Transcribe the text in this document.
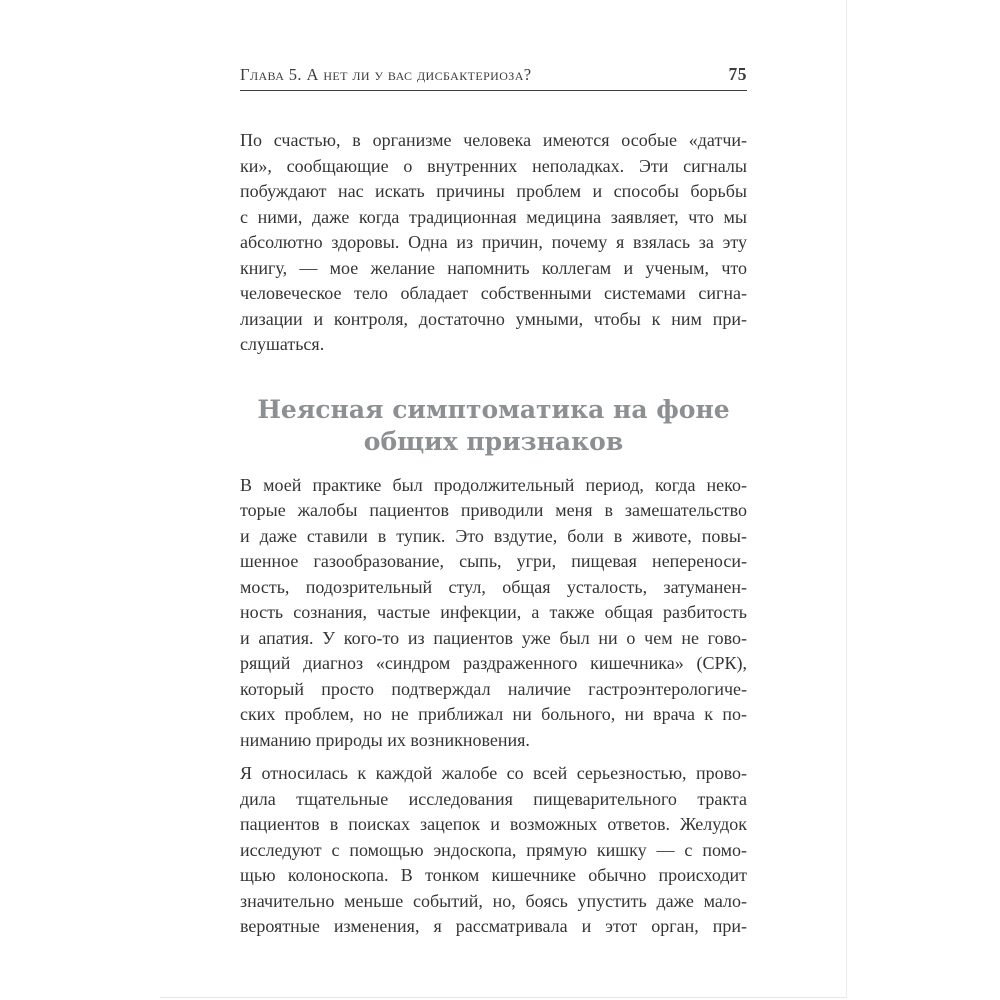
Глава 5. А нет ли у вас дисбактериоза?	75
По счастью, в организме человека имеются особые «датчи-
ки», сообщающие о внутренних неполадках. Эти сигналы
побуждают нас искать причины проблем и способы борьбы
с ними, даже когда традиционная медицина заявляет, что мы
абсолютно здоровы. Одна из причин, почему я взялась за эту
книгу, — мое желание напомнить коллегам и ученым, что
человеческое тело обладает собственными системами сигна-
лизации и контроля, достаточно умными, чтобы к ним при-
слушаться.
Неясная симптоматика на фоне
общих признаков
В моей практике был продолжительный период, когда неко-
торые жалобы пациентов приводили меня в замешательство
и даже ставили в тупик. Это вздутие, боли в животе, повы-
шенное газообразование, сыпь, угри, пищевая непереноси-
мость, подозрительный стул, общая усталость, затуманен-
ность сознания, частые инфекции, а также общая разбитость
и апатия. У кого-то из пациентов уже был ни о чем не гово-
рящий диагноз «синдром раздраженного кишечника» (СРК),
который просто подтверждал наличие гастроэнтерологиче-
ских проблем, но не приближал ни больного, ни врача к по-
ниманию природы их возникновения.
Я относилась к каждой жалобе со всей серьезностью, прово-
дила тщательные исследования пищеварительного тракта
пациентов в поисках зацепок и возможных ответов. Желудок
исследуют с помощью эндоскопа, прямую кишку — с помо-
щью колоноскопа. В тонком кишечнике обычно происходит
значительно меньше событий, но, боясь упустить даже мало-
вероятные изменения, я рассматривала и этот орган, при-
